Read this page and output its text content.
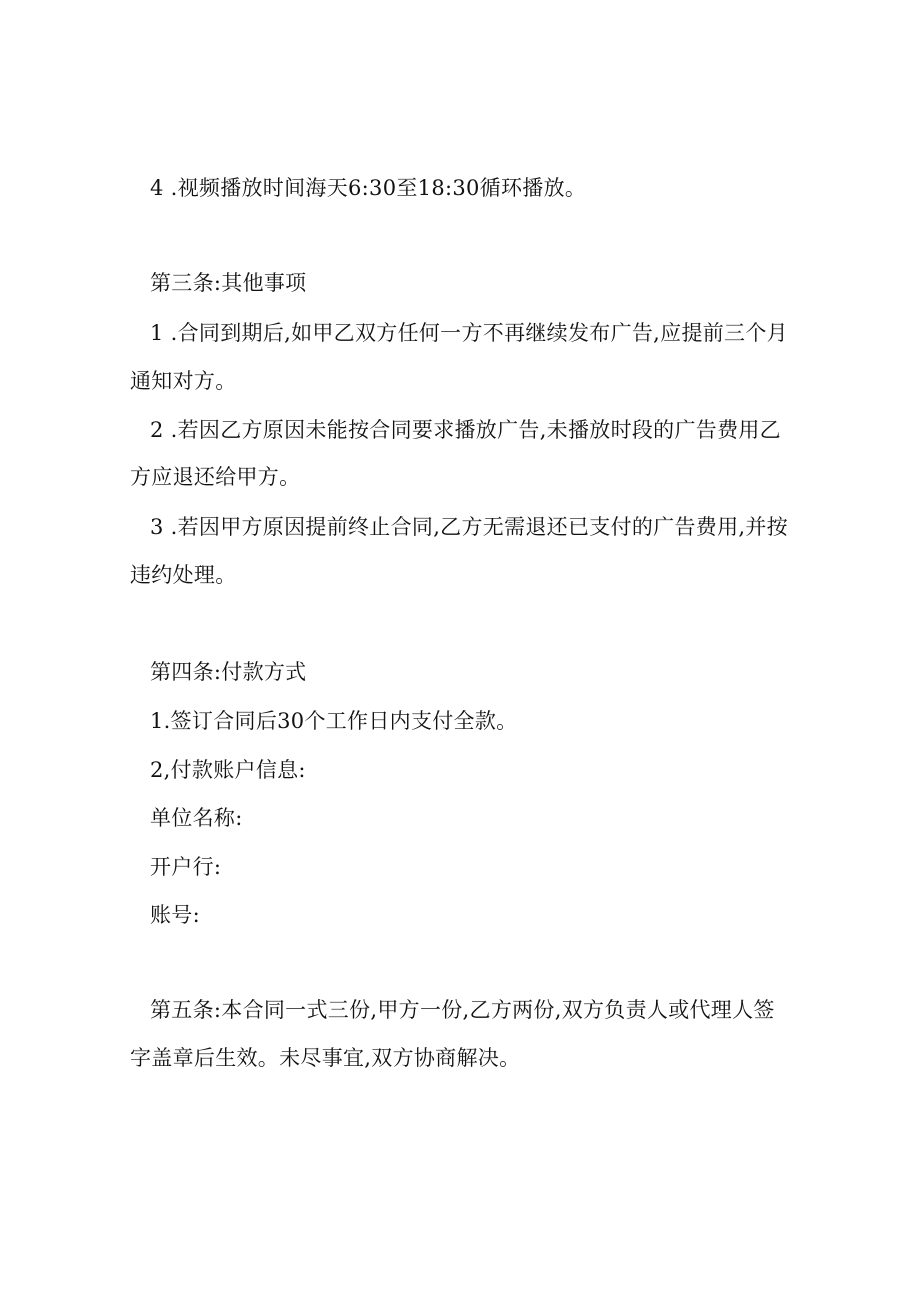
4 .视频播放时间海天6:30至18:30循环播放。
第三条:其他事项
1 .合同到期后,如甲乙双方任何一方不再继续发布广告,应提前三个月
通知对方。
2 .若因乙方原因未能按合同要求播放广告,未播放时段的广告费用乙
方应退还给甲方。
3 .若因甲方原因提前终止合同,乙方无需退还已支付的广告费用,并按
违约处理。
第四条:付款方式
1.签订合同后30个工作日内支付全款。
2,付款账户信息:
单位名称:
开户行:
账号:
第五条:本合同一式三份,甲方一份,乙方两份,双方负责人或代理人签
字盖章后生效。未尽事宜,双方协商解决。
